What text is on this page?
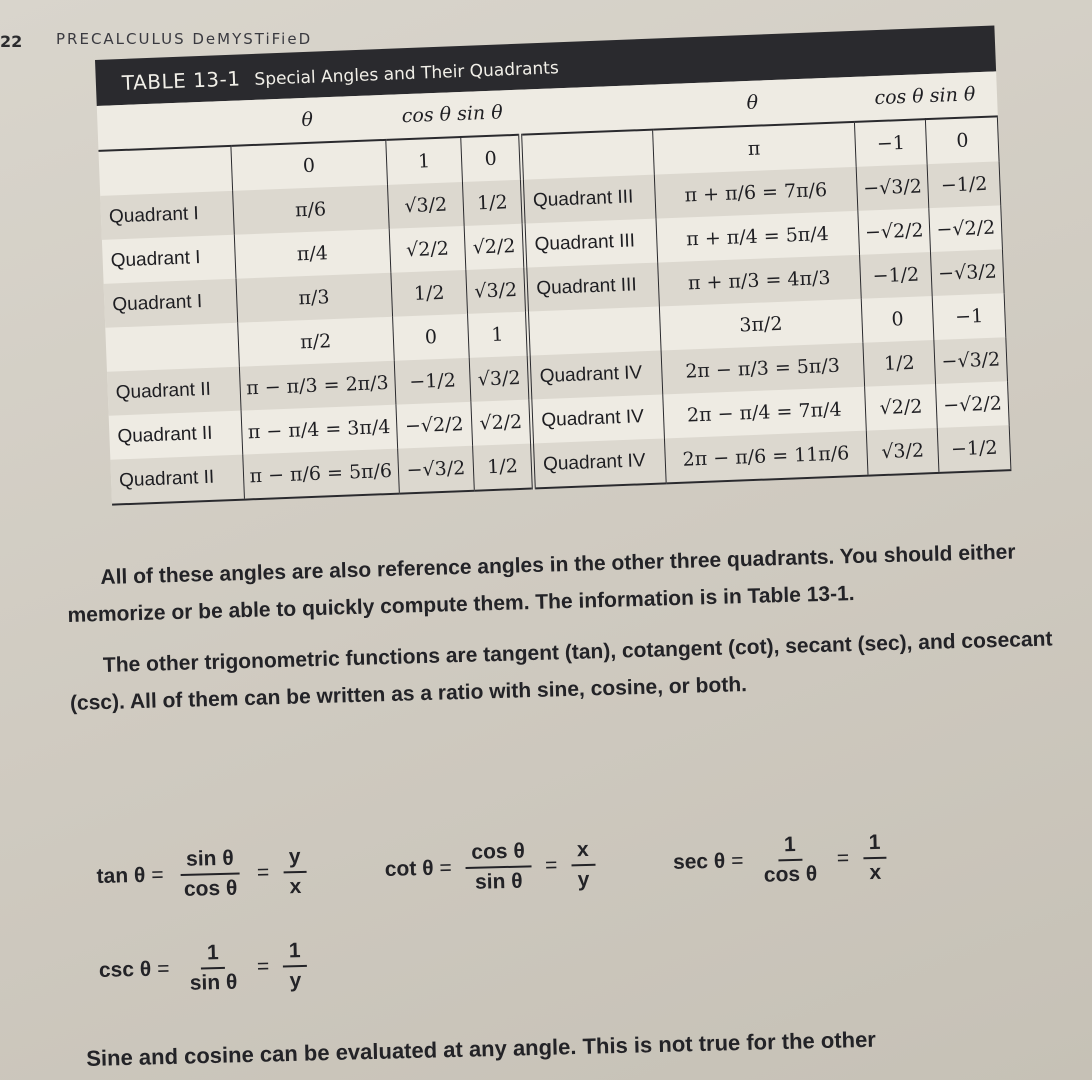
22 PRECALCULUS DeMYSTiFieD
TABLE 13-1 Special Angles and Their Quadrants
	θ	cos θ sin θ			θ	cos θ sin θ	
	0	1	0		π	−1	0
Quadrant I	π/6	√3/2	1/2	Quadrant III	π + π/6 = 7π/6	−√3/2	−1/2
Quadrant I	π/4	√2/2	√2/2	Quadrant III	π + π/4 = 5π/4	−√2/2	−√2/2
Quadrant I	π/3	1/2	√3/2	Quadrant III	π + π/3 = 4π/3	−1/2	−√3/2
	π/2	0	1		3π/2	0	−1
Quadrant II	π − π/3 = 2π/3	−1/2	√3/2	Quadrant IV	2π − π/3 = 5π/3	1/2	−√3/2
Quadrant II	π − π/4 = 3π/4	−√2/2	√2/2	Quadrant IV	2π − π/4 = 7π/4	√2/2	−√2/2
Quadrant II	π − π/6 = 5π/6	−√3/2	1/2	Quadrant IV	2π − π/6 = 11π/6	√3/2	−1/2

All of these angles are also reference angles in the other three quadrants. You should either memorize or be able to quickly compute them. The information is in Table 13-1.

The other trigonometric functions are tangent (tan), cotangent (cot), secant (sec), and cosecant (csc). All of them can be written as a ratio with sine, cosine, or both.

$\tan \theta = \frac{\text{sin θ}}{\text{cos θ}} = \frac{y}{x}$	$\cot \theta = \frac{\text{cos θ}}{\text{sin θ}} = \frac{x}{y}$	$\sec \theta = \frac{1}{\text{cos θ}} = \frac{1}{x}$
$\csc \theta = \frac{1}{\text{sin θ}} = \frac{1}{y}$
Sine and cosine can be evaluated at any angle. This is not true for the other
